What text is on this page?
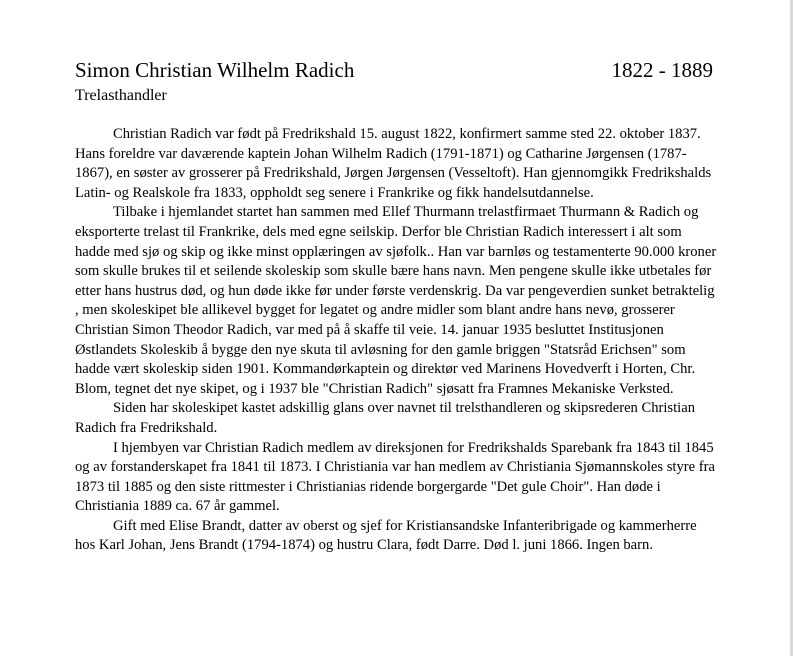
Simon Christian Wilhelm Radich	1822 - 1889
Trelasthandler

Christian Radich var født på Fredrikshald 15. august 1822, konfirmert samme sted 22. oktober 1837. Hans foreldre var daværende kaptein Johan Wilhelm Radich (1791-1871) og Catharine Jørgensen (1787-1867), en søster av grosserer på Fredrikshald, Jørgen Jørgensen (Vesseltoft). Han gjennomgikk Fredrikshalds Latin- og Realskole fra 1833, oppholdt seg senere i Frankrike og fikk handelsutdannelse.

Tilbake i hjemlandet startet han sammen med Ellef Thurmann trelastfirmaet Thurmann & Radich og eksporterte trelast til Frankrike, dels med egne seilskip. Derfor ble Christian Radich interessert i alt som hadde med sjø og skip og ikke minst opplæringen av sjøfolk.. Han var barnløs og testamenterte 90.000 kroner som skulle brukes til et seilende skoleskip som skulle bære hans navn. Men pengene skulle ikke utbetales før etter hans hustrus død, og hun døde ikke før under første verdenskrig. Da var pengeverdien sunket betraktelig , men skoleskipet ble allikevel bygget for legatet og andre midler som blant andre hans nevø, grosserer Christian Simon Theodor Radich, var med på å skaffe til veie. 14. januar 1935 besluttet Institusjonen Østlandets Skoleskib å bygge den nye skuta til avløsning for den gamle briggen "Statsråd Erichsen" som hadde vært skoleskip siden 1901. Kommandørkaptein og direktør ved Marinens Hovedverft i Horten, Chr. Blom, tegnet det nye skipet, og i 1937 ble "Christian Radich" sjøsatt fra Framnes Mekaniske Verksted.

Siden har skoleskipet kastet adskillig glans over navnet til trelsthandleren og skipsrederen Christian Radich fra Fredrikshald.

I hjembyen var Christian Radich medlem av direksjonen for Fredrikshalds Sparebank fra 1843 til 1845 og av forstanderskapet fra 1841 til 1873. I Christiania var han medlem av Christiania Sjømannskoles styre fra 1873 til 1885 og den siste rittmester i Christianias ridende borgergarde "Det gule Choir". Han døde i Christiania 1889 ca. 67 år gammel.

Gift med Elise Brandt, datter av oberst og sjef for Kristiansandske Infanteribrigade og kammerherre hos Karl Johan, Jens Brandt (1794-1874) og hustru Clara, født Darre. Død l. juni 1866. Ingen barn.
